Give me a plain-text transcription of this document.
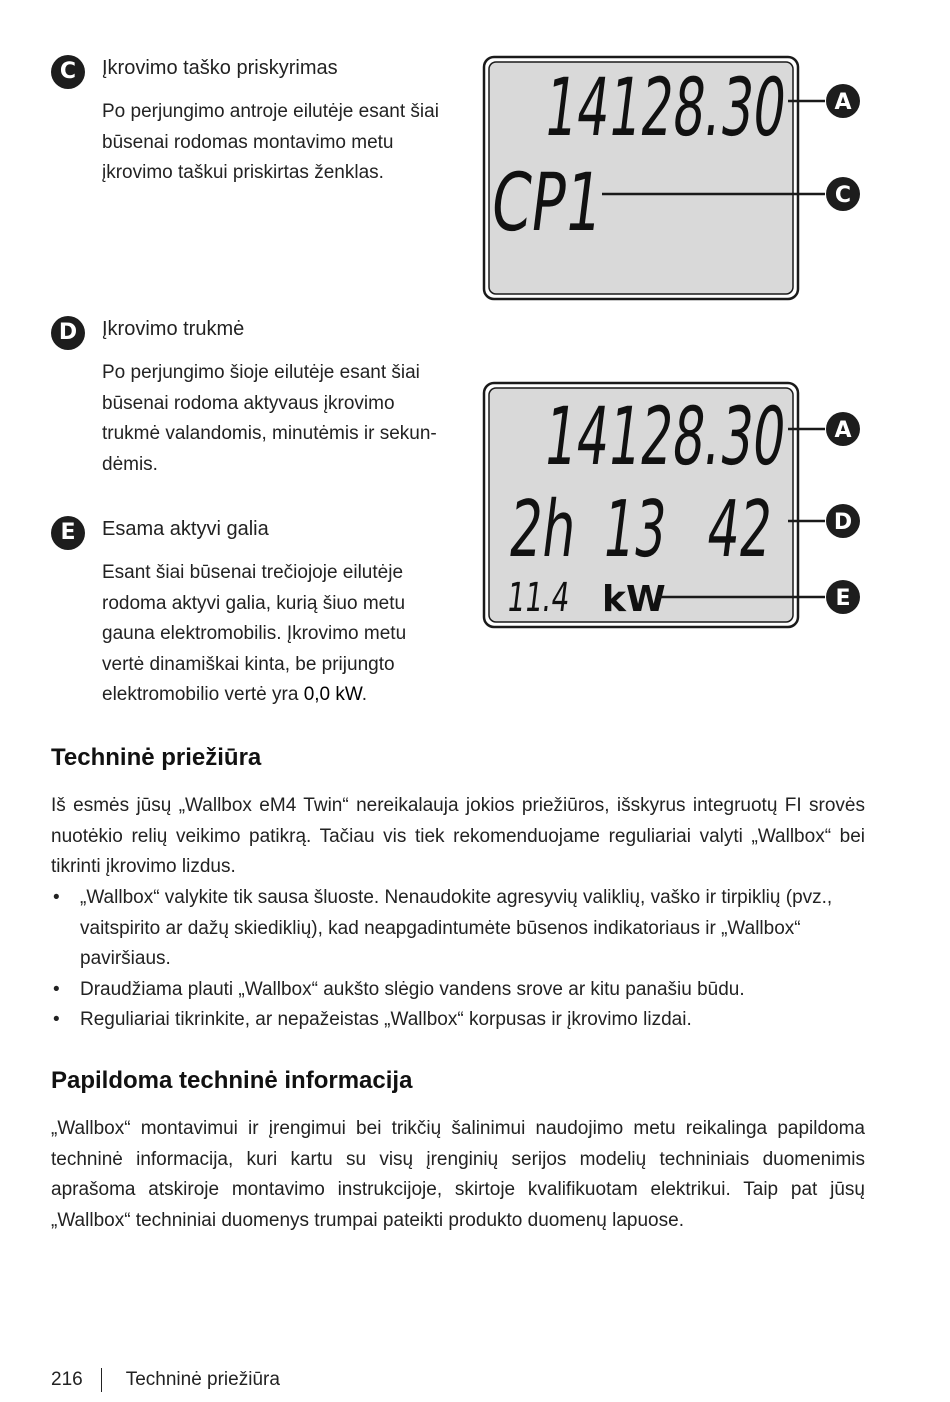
C	Įkrovimo taško priskyrimas

Po perjungimo antroje eilutėje esant šiai būsenai rodomas montavimo metu įkrovimo taškui priskirtas ženklas.

D	Įkrovimo trukmė

Po perjungimo šioje eilutėje esant šiai būsenai rodoma aktyvaus įkrovimo trukmė valandomis, minutėmis ir sekun-dėmis.

E	Esama aktyvi galia

Esant šiai būsenai trečiojoje eilutėje rodoma aktyvi galia, kurią šiuo metu gauna elektromobilis. Įkrovimo metu vertė dinamiškai kinta, be prijungto elektromobilio vertė yra 0,0 kW.

14128.30
CP1
A
C
14128.30
2h
13
42
11.4 kW
A
D
E
Techninė priežiūra

Iš esmės jūsų „Wallbox eM4 Twin“ nereikalauja jokios priežiūros, išskyrus integruotų FI srovės nuotėkio relių veikimo patikrą. Tačiau vis tiek rekomenduojame reguliariai valyti „Wallbox“ bei tikrinti įkrovimo lizdus.

• „Wallbox“ valykite tik sausa šluoste. Nenaudokite agresyvių valiklių, vaško ir tirpiklių (pvz., vaitspirito ar dažų skiediklių), kad neapgadintumėte būsenos indikatoriaus ir „Wallbox“ paviršiaus.
• Draudžiama plauti „Wallbox“ aukšto slėgio vandens srove ar kitu panašiu būdu.
• Reguliariai tikrinkite, ar nepažeistas „Wallbox“ korpusas ir įkrovimo lizdai.
Papildoma techninė informacija

„Wallbox“ montavimui ir įrengimui bei trikčių šalinimui naudojimo metu reikalinga papildoma techninė informacija, kuri kartu su visų įrenginių serijos modelių techniniais duomenimis aprašoma atskiroje montavimo instrukcijoje, skirtoje kvalifikuotam elektrikui. Taip pat jūsų „Wallbox“ techniniai duomenys trumpai pateikti produkto duomenų lapuose.

216 Techninė priežiūra
